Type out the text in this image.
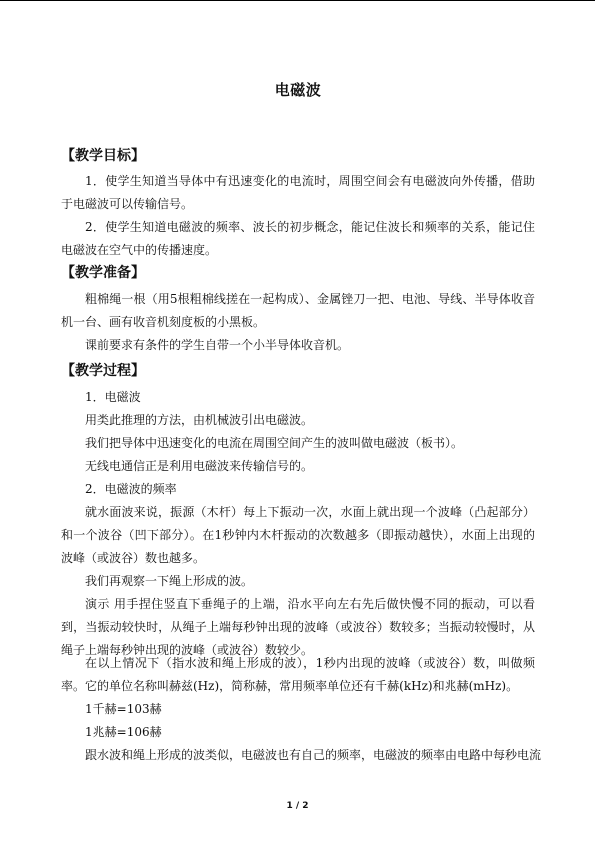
电磁波
【教学目标】
1．使学生知道当导体中有迅速变化的电流时，周围空间会有电磁波向外传播，借助于电磁波可以传输信号。
2．使学生知道电磁波的频率、波长的初步概念，能记住波长和频率的关系，能记住电磁波在空气中的传播速度。
【教学准备】
粗棉绳一根（用5根粗棉线搓在一起构成）、金属锉刀一把、电池、导线、半导体收音机一台、画有收音机刻度板的小黑板。
课前要求有条件的学生自带一个小半导体收音机。
【教学过程】
1．电磁波
用类此推理的方法，由机械波引出电磁波。
我们把导体中迅速变化的电流在周围空间产生的波叫做电磁波（板书）。
无线电通信正是利用电磁波来传输信号的。
2．电磁波的频率
就水面波来说，振源（木杆）每上下振动一次，水面上就出现一个波峰（凸起部分）和一个波谷（凹下部分）。在1秒钟内木杆振动的次数越多（即振动越快），水面上出现的波峰（或波谷）数也越多。
我们再观察一下绳上形成的波。
演示 用手捏住竖直下垂绳子的上端，沿水平向左右先后做快慢不同的振动，可以看到，当振动较快时，从绳子上端每秒钟出现的波峰（或波谷）数较多；当振动较慢时，从绳子上端每秒钟出现的波峰（或波谷）数较少。
在以上情况下（指水波和绳上形成的波），1秒内出现的波峰（或波谷）数，叫做频率。它的单位名称叫赫兹(Hz)，简称赫，常用频率单位还有千赫(kHz)和兆赫(mHz)。
1千赫=103赫
1兆赫=106赫
跟水波和绳上形成的波类似，电磁波也有自己的频率，电磁波的频率由电路中每秒电流
1 / 2
